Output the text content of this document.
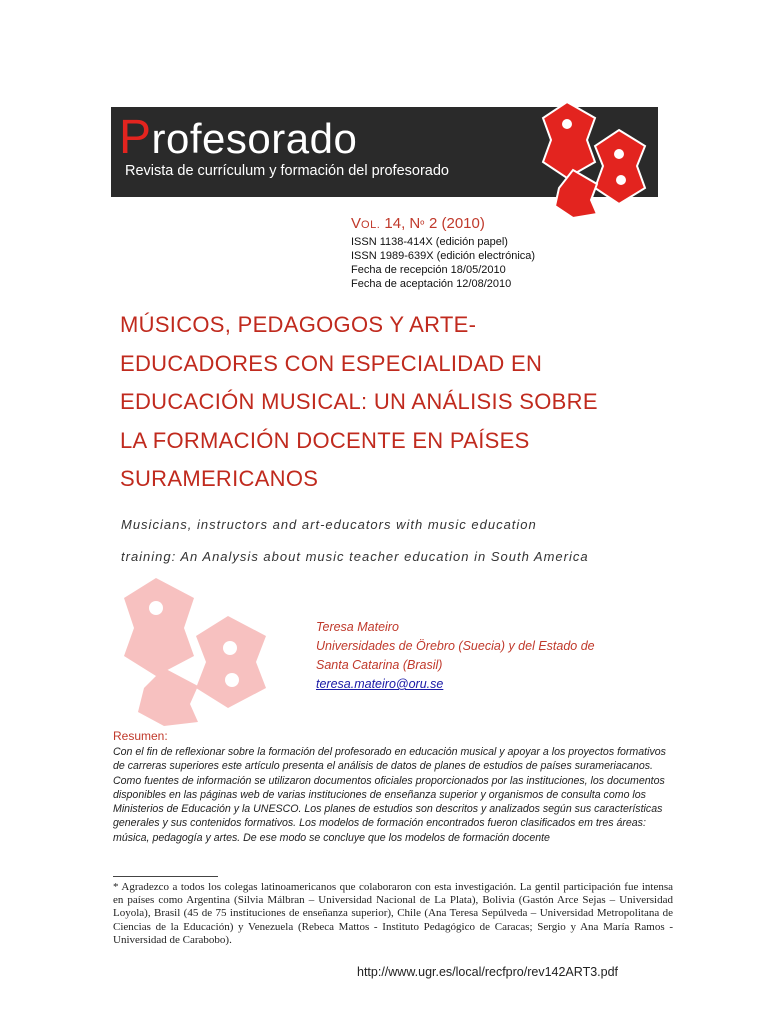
Profesorado
Revista de currículum y formación del profesorado
VOL. 14, Nº 2 (2010)
ISSN 1138-414X (edición papel)
ISSN 1989-639X (edición electrónica)
Fecha de recepción 18/05/2010
Fecha de aceptación 12/08/2010
MÚSICOS, PEDAGOGOS Y ARTE-
EDUCADORES CON ESPECIALIDAD EN
EDUCACIÓN MUSICAL: UN ANÁLISIS SOBRE
LA FORMACIÓN DOCENTE EN PAÍSES
SURAMERICANOS
Musicians, instructors and art-educators with music education
training: An Analysis about music teacher education in South America
Teresa Mateiro
Universidades de Örebro (Suecia) y del Estado de
Santa Catarina (Brasil)
teresa.mateiro@oru.se
Resumen:
Con el fin de reflexionar sobre la formación del profesorado en educación musical y apoyar a los proyectos formativos de carreras superiores este artículo presenta el análisis de datos de planes de estudios de países surameriacanos. Como fuentes de información se utilizaron documentos oficiales proporcionados por las instituciones, los documentos disponibles en las páginas web de varias instituciones de enseñanza superior y organismos de consulta como los Ministerios de Educación y la UNESCO. Los planes de estudios son descritos y analizados según sus características generales y sus contenidos formativos. Los modelos de formación encontrados fueron clasificados em tres áreas: música, pedagogía y artes. De ese modo se concluye que los modelos de formación docente
* Agradezco a todos los colegas latinoamericanos que colaboraron con esta investigación. La gentil participación fue intensa en países como Argentina (Silvia Málbran – Universidad Nacional de La Plata), Bolivia (Gastón Arce Sejas – Universidad Loyola), Brasil (45 de 75 instituciones de enseñanza superior), Chile (Ana Teresa Sepúlveda – Universidad Metropolitana de Ciencias de la Educación) y Venezuela (Rebeca Mattos - Instituto Pedagógico de Caracas; Sergio y Ana María Ramos - Universidad de Carabobo).
http://www.ugr.es/local/recfpro/rev142ART3.pdf
